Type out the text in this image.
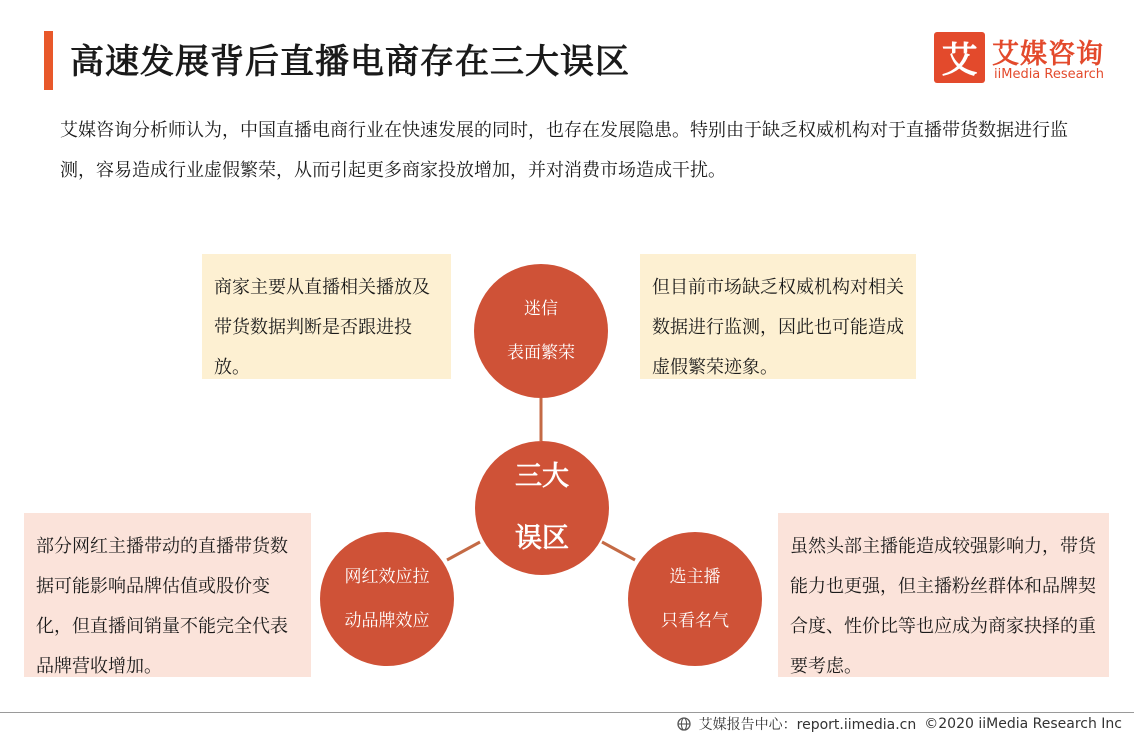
高速发展背后直播电商存在三大误区	艾 艾媒咨询
iiMedia Research
艾媒咨询分析师认为，中国直播电商行业在快速发展的同时，也存在发展隐患。特别由于缺乏权威机构对于直播带货数据进行监测，容易造成行业虚假繁荣，从而引起更多商家投放增加，并对消费市场造成干扰。
迷信
表面繁荣
三大
误区
网红效应拉
动品牌效应
选主播
只看名气
商家主要从直播相关播放及带货数据判断是否跟进投放。
但目前市场缺乏权威机构对相关数据进行监测，因此也可能造成虚假繁荣迹象。
部分网红主播带动的直播带货数据可能影响品牌估值或股价变化，但直播间销量不能完全代表品牌营收增加。
虽然头部主播能造成较强影响力，带货能力也更强，但主播粉丝群体和品牌契合度、性价比等也应成为商家抉择的重要考虑。
艾媒报告中心：report.iimedia.cn ©2020 iiMedia Research Inc
